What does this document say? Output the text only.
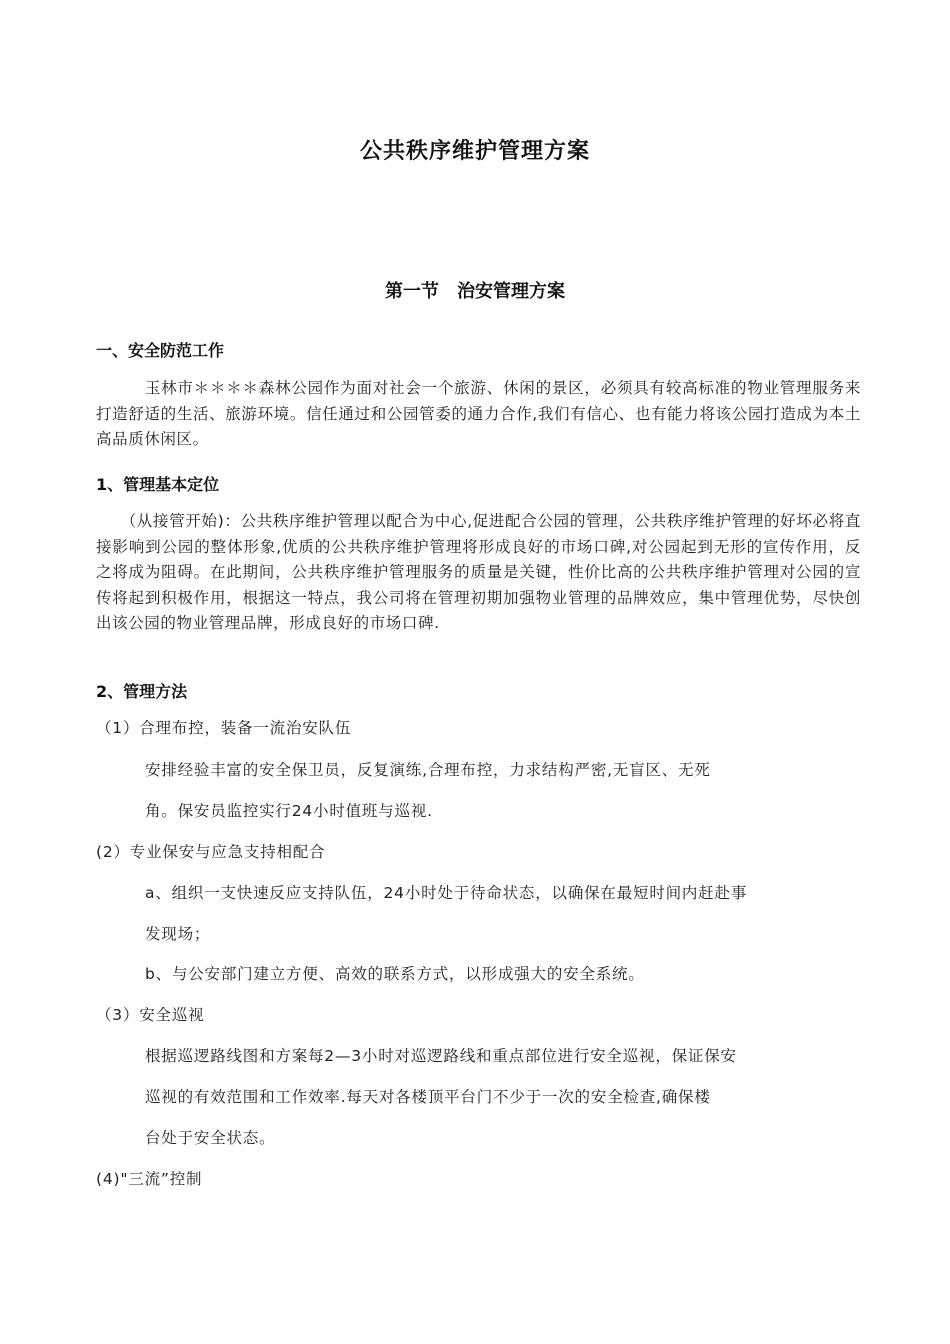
公共秩序维护管理方案
第一节　治安管理方案
一、安全防范工作
　　　玉林市＊＊＊＊森林公园作为面对社会一个旅游、休闲的景区，必须具有较高标准的物业管理服务来打造舒适的生活、旅游环境。信任通过和公园管委的通力合作,我们有信心、也有能力将该公园打造成为本土高品质休闲区。
1、管理基本定位
　　（从接管开始)：公共秩序维护管理以配合为中心,促进配合公园的管理，公共秩序维护管理的好坏必将直接影响到公园的整体形象,优质的公共秩序维护管理将形成良好的市场口碑,对公园起到无形的宣传作用，反之将成为阻碍。在此期间，公共秩序维护管理服务的质量是关键，性价比高的公共秩序维护管理对公园的宣传将起到积极作用，根据这一特点，我公司将在管理初期加强物业管理的品牌效应，集中管理优势，尽快创出该公园的物业管理品牌，形成良好的市场口碑.
2、管理方法
（1）合理布控，装备一流治安队伍
安排经验丰富的安全保卫员，反复演练,合理布控，力求结构严密,无盲区、无死
角。保安员监控实行24小时值班与巡视.
(2）专业保安与应急支持相配合
a、组织一支快速反应支持队伍，24小时处于待命状态，以确保在最短时间内赶赴事
发现场；
b、与公安部门建立方便、高效的联系方式，以形成强大的安全系统。
（3）安全巡视
根据巡逻路线图和方案每2—3小时对巡逻路线和重点部位进行安全巡视，保证保安
巡视的有效范围和工作效率.每天对各楼顶平台门不少于一次的安全检查,确保楼
台处于安全状态。
(4)"三流”控制
